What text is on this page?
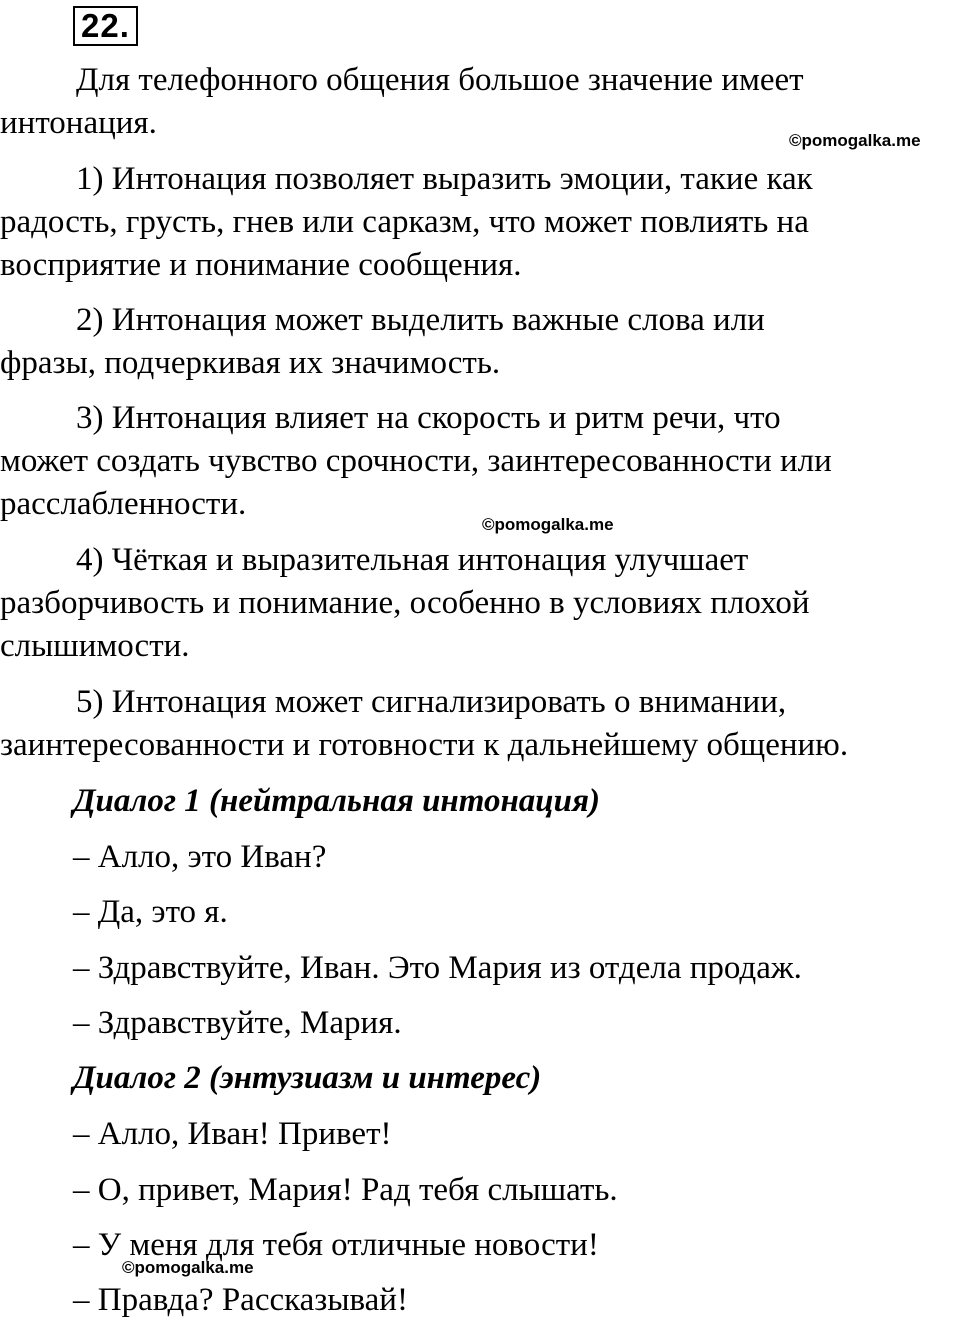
22.

Для телефонного общения большое значение имеет
интонация.

1) Интонация позволяет выразить эмоции, такие как
радость, грусть, гнев или сарказм, что может повлиять на
восприятие и понимание сообщения.

2) Интонация может выделить важные слова или
фразы, подчеркивая их значимость.

3) Интонация влияет на скорость и ритм речи, что
может создать чувство срочности, заинтересованности или
расслабленности.

4) Чёткая и выразительная интонация улучшает
разборчивость и понимание, особенно в условиях плохой
слышимости.

5) Интонация может сигнализировать о внимании,
заинтересованности и готовности к дальнейшему общению.

Диалог 1 (нейтральная интонация)
– Алло, это Иван?
– Да, это я.
– Здравствуйте, Иван. Это Мария из отдела продаж.
– Здравствуйте, Мария.
Диалог 2 (энтузиазм и интерес)
– Алло, Иван! Привет!
– О, привет, Мария! Рад тебя слышать.
– У меня для тебя отличные новости!
– Правда? Рассказывай!
©pomogalka.me
©pomogalka.me
©pomogalka.me
